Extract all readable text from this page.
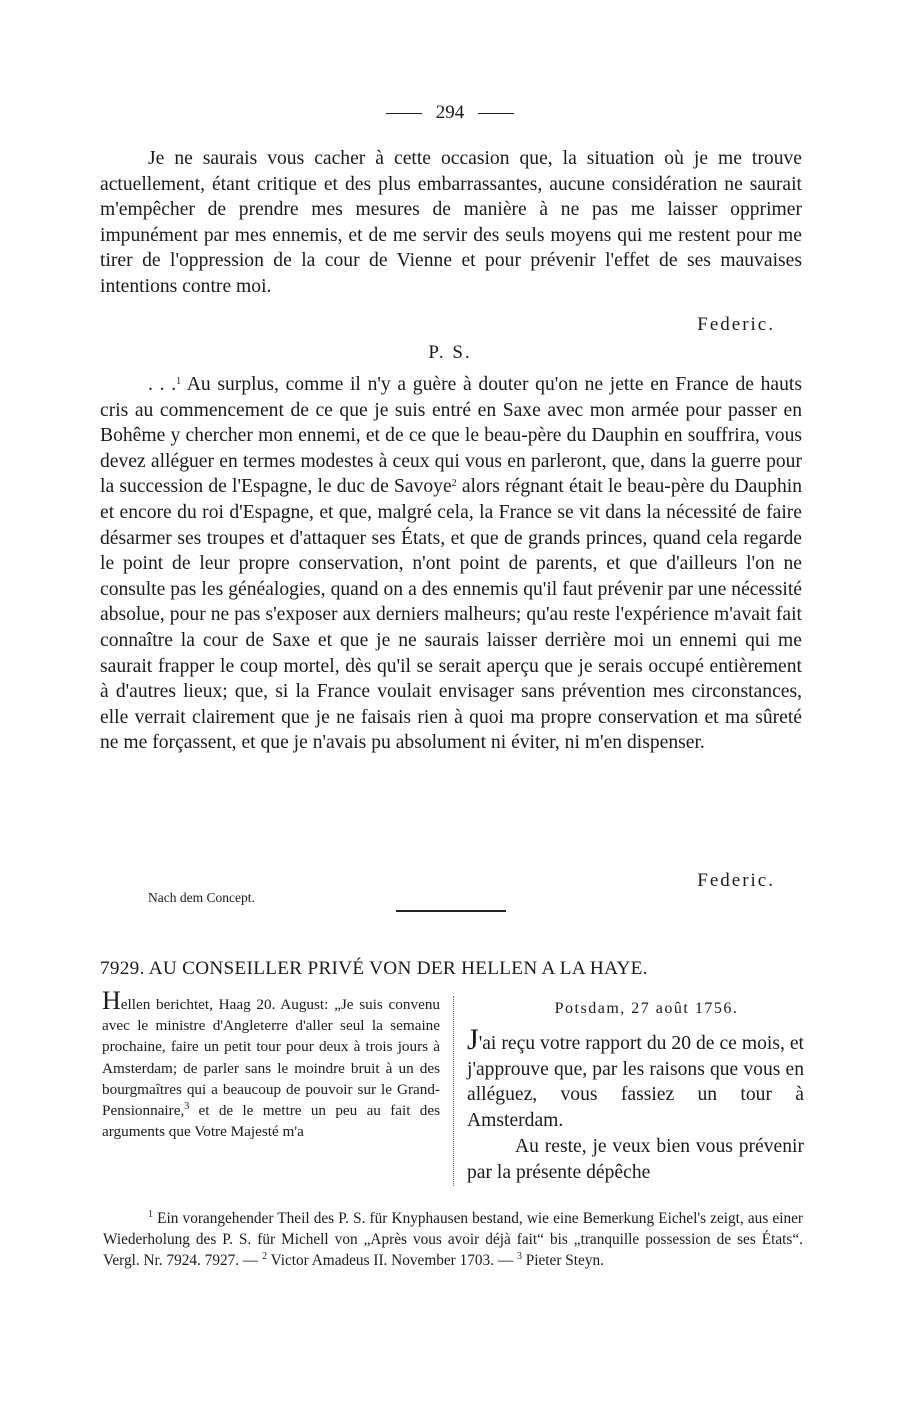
294
Je ne saurais vous cacher à cette occasion que, la situation où je me trouve actuellement, étant critique et des plus embarrassantes, aucune considération ne saurait m'empêcher de prendre mes mesures de manière à ne pas me laisser opprimer impunément par mes ennemis, et de me servir des seuls moyens qui me restent pour me tirer de l'oppression de la cour de Vienne et pour prévenir l'effet de ses mauvaises intentions contre moi.
Federic.
P. S.
. . .$^1$ Au surplus, comme il n'y a guère à douter qu'on ne jette en France de hauts cris au commencement de ce que je suis entré en Saxe avec mon armée pour passer en Bohême y chercher mon ennemi, et de ce que le beau-père du Dauphin en souffrira, vous devez alléguer en termes modestes à ceux qui vous en parleront, que, dans la guerre pour la succession de l'Espagne, le duc de Savoye$^2$ alors régnant était le beau-père du Dauphin et encore du roi d'Espagne, et que, malgré cela, la France se vit dans la nécessité de faire désarmer ses troupes et d'attaquer ses États, et que de grands princes, quand cela regarde le point de leur propre conservation, n'ont point de parents, et que d'ailleurs l'on ne consulte pas les généalogies, quand on a des ennemis qu'il faut prévenir par une nécessité absolue, pour ne pas s'exposer aux derniers malheurs; qu'au reste l'expérience m'avait fait connaître la cour de Saxe et que je ne saurais laisser derrière moi un ennemi qui me saurait frapper le coup mortel, dès qu'il se serait aperçu que je serais occupé entièrement à d'autres lieux; que, si la France voulait envisager sans prévention mes circonstances, elle verrait clairement que je ne faisais rien à quoi ma propre conservation et ma sûreté ne me forçassent, et que je n'avais pu absolument ni éviter, ni m'en dispenser.
Federic.
Nach dem Concept.
7929. AU CONSEILLER PRIVÉ VON DER HELLEN A LA HAYE.
Hellen berichtet, Haag 20. August: „Je suis convenu avec le ministre d'Angleterre d'aller seul la semaine prochaine, faire un petit tour pour deux à trois jours à Amsterdam; de parler sans le moindre bruit à un des bourgmaîtres qui a beaucoup de pouvoir sur le Grand-Pensionnaire,$^3$ et de le mettre un peu au fait des arguments que Votre Majesté m'a
Potsdam, 27 août 1756.

J'ai reçu votre rapport du 20 de ce mois, et j'approuve que, par les raisons que vous en alléguez, vous fassiez un tour à Amsterdam.

Au reste, je veux bien vous prévenir par la présente dépêche

$^1$ Ein vorangehender Theil des P. S. für Knyphausen bestand, wie eine Bemerkung Eichel's zeigt, aus einer Wiederholung des P. S. für Michell von „Après vous avoir déjà fait“ bis „tranquille possession de ses États“. Vergl. Nr. 7924. 7927. — $^2$ Victor Amadeus II. November 1703. — $^3$ Pieter Steyn.
